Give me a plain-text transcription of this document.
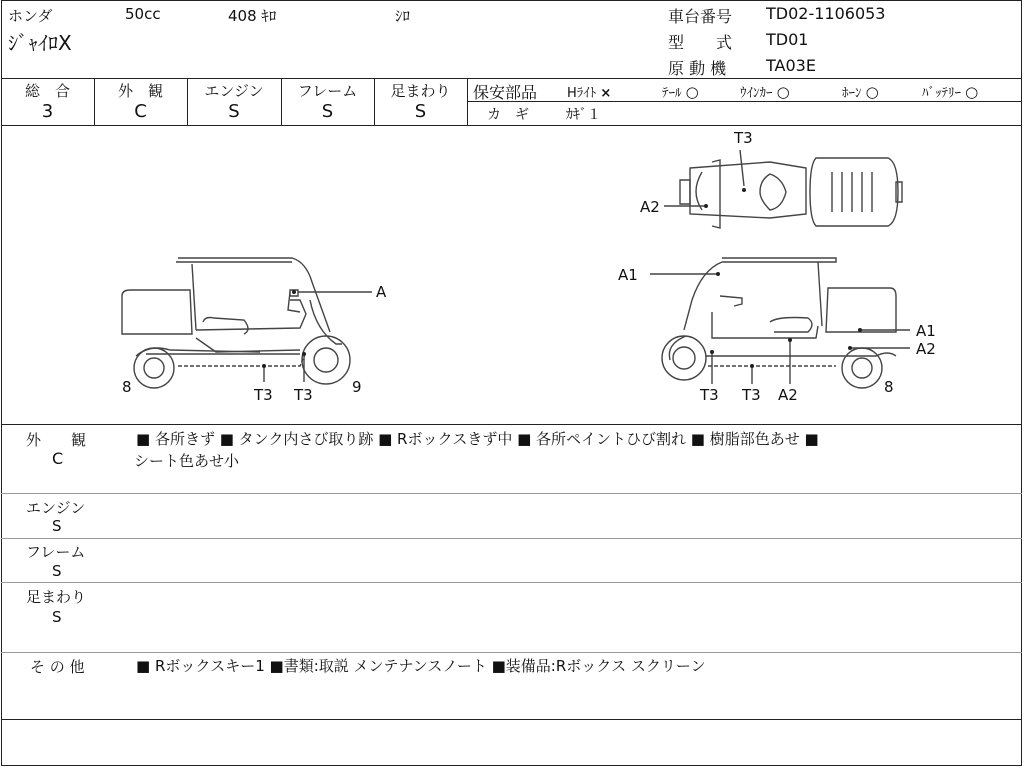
ホンダ	50cc	408 ｷﾛ	ｼﾛ
ｼﾞｬｲﾛX
車台番号 TD02-1106053
型　　式 TD01
原 動 機 TA03E
総　合	外　観	エンジン	フレーム	足まわり
3	C	S	S	S
保安部品 Hﾗｲﾄ ×	ﾃｰﾙ ○	ｳｲﾝｶｰ ○	ﾎｰﾝ ○	ﾊﾞｯﾃﾘｰ ○
カ　ギ	ｶｷﾞ１
A
8	T3 T3	9
T3
A2
A1
A1
A2
8
T3 T3 A2
外　　観
C
■ 各所きず ■ タンク内さび取り跡 ■ Rボックスきず中 ■ 各所ペイントひび割れ ■ 樹脂部色あせ ■
シート色あせ小
エンジン
S
フレーム
S
足まわり
S
そ の 他	■ Rボックスキー1 ■書類:取説 メンテナンスノート ■装備品:Rボックス スクリーン
